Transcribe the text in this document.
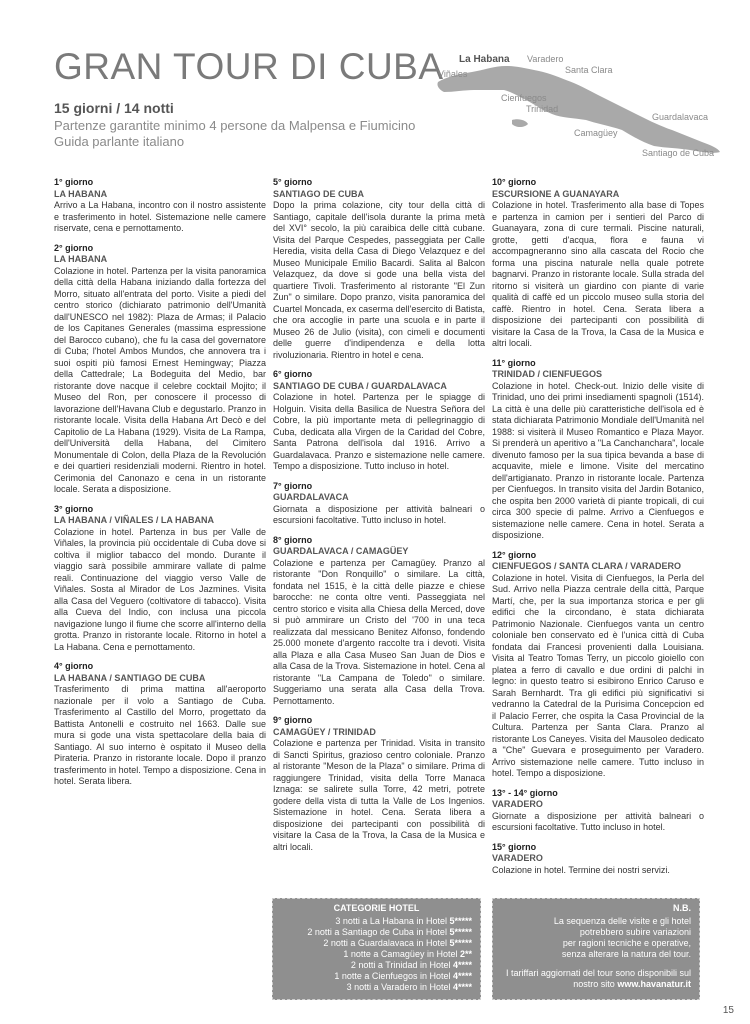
GRAN TOUR DI CUBA
15 giorni / 14 notti
Partenze garantite minimo 4 persone da Malpensa e Fiumicino
Guida parlante italiano
La Habana Varadero
Viñales	Santa Clara
Cienfuegos
Trinidad
Guardalavaca
Camagüey
Santiago de Cuba
1° giorno
LA HABANA

Arrivo a La Habana, incontro con il nostro assistente e trasferimento in hotel. Sistemazione nelle camere riservate, cena e pernottamento.

2° giorno
LA HABANA

Colazione in hotel. Partenza per la visita panoramica della città della Habana iniziando dalla fortezza del Morro, situato all'entrata del porto. Visite a piedi del centro storico (dichiarato patrimonio dell'Umanità dall'UNESCO nel 1982): Plaza de Armas; il Palacio de los Capitanes Generales (massima espressione del Barocco cubano), che fu la casa del governatore di Cuba; l'hotel Ambos Mundos, che annovera tra i suoi ospiti più famosi Ernest Hemingway; Piazza della Cattedrale; La Bodeguita del Medio, bar ristorante dove nacque il celebre cocktail Mojito; il Museo del Ron, per conoscere il processo di lavorazione dell'Havana Club e degustarlo. Pranzo in ristorante locale. Visita della Habana Art Decò e del Capitolio de La Habana (1929). Visita de La Rampa, dell'Università della Habana, del Cimitero Monumentale di Colon, della Plaza de la Revolución e dei quartieri residenziali moderni. Rientro in hotel. Cerimonia del Canonazo e cena in un ristorante locale. Serata a disposizione.

3° giorno
LA HABANA / VIÑALES / LA HABANA

Colazione in hotel. Partenza in bus per Valle de Viñales, la provincia più occidentale di Cuba dove si coltiva il miglior tabacco del mondo. Durante il viaggio sarà possibile ammirare vallate di palme reali. Continuazione del viaggio verso Valle de Viñales. Sosta al Mirador de Los Jazmines. Visita alla Casa del Veguero (coltivatore di tabacco). Visita alla Cueva del Indio, con inclusa una piccola navigazione lungo il fiume che scorre all'interno della grotta. Pranzo in ristorante locale. Ritorno in hotel a La Habana. Cena e pernottamento.

4° giorno
LA HABANA / SANTIAGO DE CUBA

Trasferimento di prima mattina all'aeroporto nazionale per il volo a Santiago de Cuba. Trasferimento al Castillo del Morro, progettato da Battista Antonelli e costruito nel 1663. Dalle sue mura si gode una vista spettacolare della baia di Santiago. Al suo interno è ospitato il Museo della Pirateria. Pranzo in ristorante locale. Dopo il pranzo trasferimento in hotel. Tempo a disposizione. Cena in hotel. Serata libera.

5° giorno
SANTIAGO DE CUBA

Dopo la prima colazione, city tour della città di Santiago, capitale dell'isola durante la prima metà del XVI° secolo, la più caraibica delle città cubane. Visita del Parque Cespedes, passeggiata per Calle Heredia, visita della Casa di Diego Velazquez e del Museo Municipale Emilio Bacardi. Salita al Balcon Velazquez, da dove si gode una bella vista del quartiere Tivoli. Trasferimento al ristorante "El Zun Zun" o similare. Dopo pranzo, visita panoramica del Cuartel Moncada, ex caserma dell'esercito di Batista, che ora accoglie in parte una scuola e in parte il Museo 26 de Julio (visita), con cimeli e documenti delle guerre d'indipendenza e della lotta rivoluzionaria. Rientro in hotel e cena.

6° giorno
SANTIAGO DE CUBA / GUARDALAVACA

Colazione in hotel. Partenza per le spiagge di Holguin. Visita della Basilica de Nuestra Señora del Cobre, la più importante meta di pellegrinaggio di Cuba, dedicata alla Virgen de la Caridad del Cobre, Santa Patrona dell'isola dal 1916. Arrivo a Guardalavaca. Pranzo e sistemazione nelle camere. Tempo a disposizione. Tutto incluso in hotel.

7° giorno
GUARDALAVACA

Giornata a disposizione per attività balneari o escursioni facoltative. Tutto incluso in hotel.

8° giorno
GUARDALAVACA / CAMAGÜEY

Colazione e partenza per Camagüey. Pranzo al ristorante "Don Ronquillo" o similare. La città, fondata nel 1515, è la città delle piazze e chiese barocche: ne conta oltre venti. Passeggiata nel centro storico e visita alla Chiesa della Merced, dove si può ammirare un Cristo del '700 in una teca realizzata dal messicano Benitez Alfonso, fondendo 25.000 monete d'argento raccolte tra i devoti. Visita alla Plaza e alla Casa Museo San Juan de Dios e alla Casa de la Trova. Sistemazione in hotel. Cena al ristorante "La Campana de Toledo" o similare. Suggeriamo una serata alla Casa della Trova. Pernottamento.

9° giorno
CAMAGÜEY / TRINIDAD

Colazione e partenza per Trinidad. Visita in transito di Sancti Spiritus, grazioso centro coloniale. Pranzo al ristorante "Meson de la Plaza" o similare. Prima di raggiungere Trinidad, visita della Torre Manaca Iznaga: se salirete sulla Torre, 42 metri, potrete godere della vista di tutta la Valle de Los Ingenios. Sistemazione in hotel. Cena. Serata libera a disposizione dei partecipanti con possibilità di visitare la Casa de la Trova, la Casa de la Musica e altri locali.

10° giorno
ESCURSIONE A GUANAYARA

Colazione in hotel. Trasferimento alla base di Topes e partenza in camion per i sentieri del Parco di Guanayara, zona di cure termali. Piscine naturali, grotte, getti d'acqua, flora e fauna vi accompagneranno sino alla cascata del Rocio che forma una piscina naturale nella quale potrete bagnarvi. Pranzo in ristorante locale. Sulla strada del ritorno si visiterà un giardino con piante di varie qualità di caffè ed un piccolo museo sulla storia del caffè. Rientro in hotel. Cena. Serata libera a disposizione dei partecipanti con possibilità di visitare la Casa de la Trova, la Casa de la Musica e altri locali.

11° giorno
TRINIDAD / CIENFUEGOS

Colazione in hotel. Check-out. Inizio delle visite di Trinidad, uno dei primi insediamenti spagnoli (1514). La città è una delle più caratteristiche dell'isola ed è stata dichiarata Patrimonio Mondiale dell'Umanità nel 1988: si visiterà il Museo Romantico e Plaza Mayor. Si prenderà un aperitivo a "La Canchanchara", locale divenuto famoso per la sua tipica bevanda a base di acquavite, miele e limone. Visite del mercatino dell'artigianato. Pranzo in ristorante locale. Partenza per Cienfuegos. In transito visita del Jardin Botanico, che ospita ben 2000 varietà di piante tropicali, di cui circa 300 specie di palme. Arrivo a Cienfuegos e sistemazione nelle camere. Cena in hotel. Serata a disposizione.

12° giorno
CIENFUEGOS / SANTA CLARA / VARADERO

Colazione in hotel. Visita di Cienfuegos, la Perla del Sud. Arrivo nella Piazza centrale della città, Parque Martí, che, per la sua importanza storica e per gli edifici che la circondano, è stata dichiarata Patrimonio Nazionale. Cienfuegos vanta un centro coloniale ben conservato ed è l'unica città di Cuba fondata dai Francesi provenienti dalla Louisiana. Visita al Teatro Tomas Terry, un piccolo gioiello con platea a ferro di cavallo e due ordini di palchi in legno: in questo teatro si esibirono Enrico Caruso e Sarah Bernhardt. Tra gli edifici più significativi si vedranno la Catedral de la Purisima Concepcion ed il Palacio Ferrer, che ospita la Casa Provincial de la Cultura. Partenza per Santa Clara. Pranzo al ristorante Los Caneyes. Visita del Mausoleo dedicato a "Che" Guevara e proseguimento per Varadero. Arrivo sistemazione nelle camere. Tutto incluso in hotel. Tempo a disposizione.

13° - 14° giorno
VARADERO

Giornate a disposizione per attività balneari o escursioni facoltative. Tutto incluso in hotel.

15° giorno
VARADERO

Colazione in hotel. Termine dei nostri servizi.

CATEGORIE HOTEL
3 notti a La Habana in Hotel 5*****
2 notti a Santiago de Cuba in Hotel 5*****
2 notti a Guardalavaca in Hotel 5*****
1 notte a Camagüey in Hotel 2**
2 notti a Trinidad in Hotel 4****
1 notte a Cienfuegos in Hotel 4****
3 notti a Varadero in Hotel 4****
N.B.

La sequenza delle visite e gli hotel

potrebbero subire variazioni

per ragioni tecniche e operative,

senza alterare la natura del tour.

I tariffari aggiornati del tour sono disponibili sul

nostro sito www.havanatur.it

15
